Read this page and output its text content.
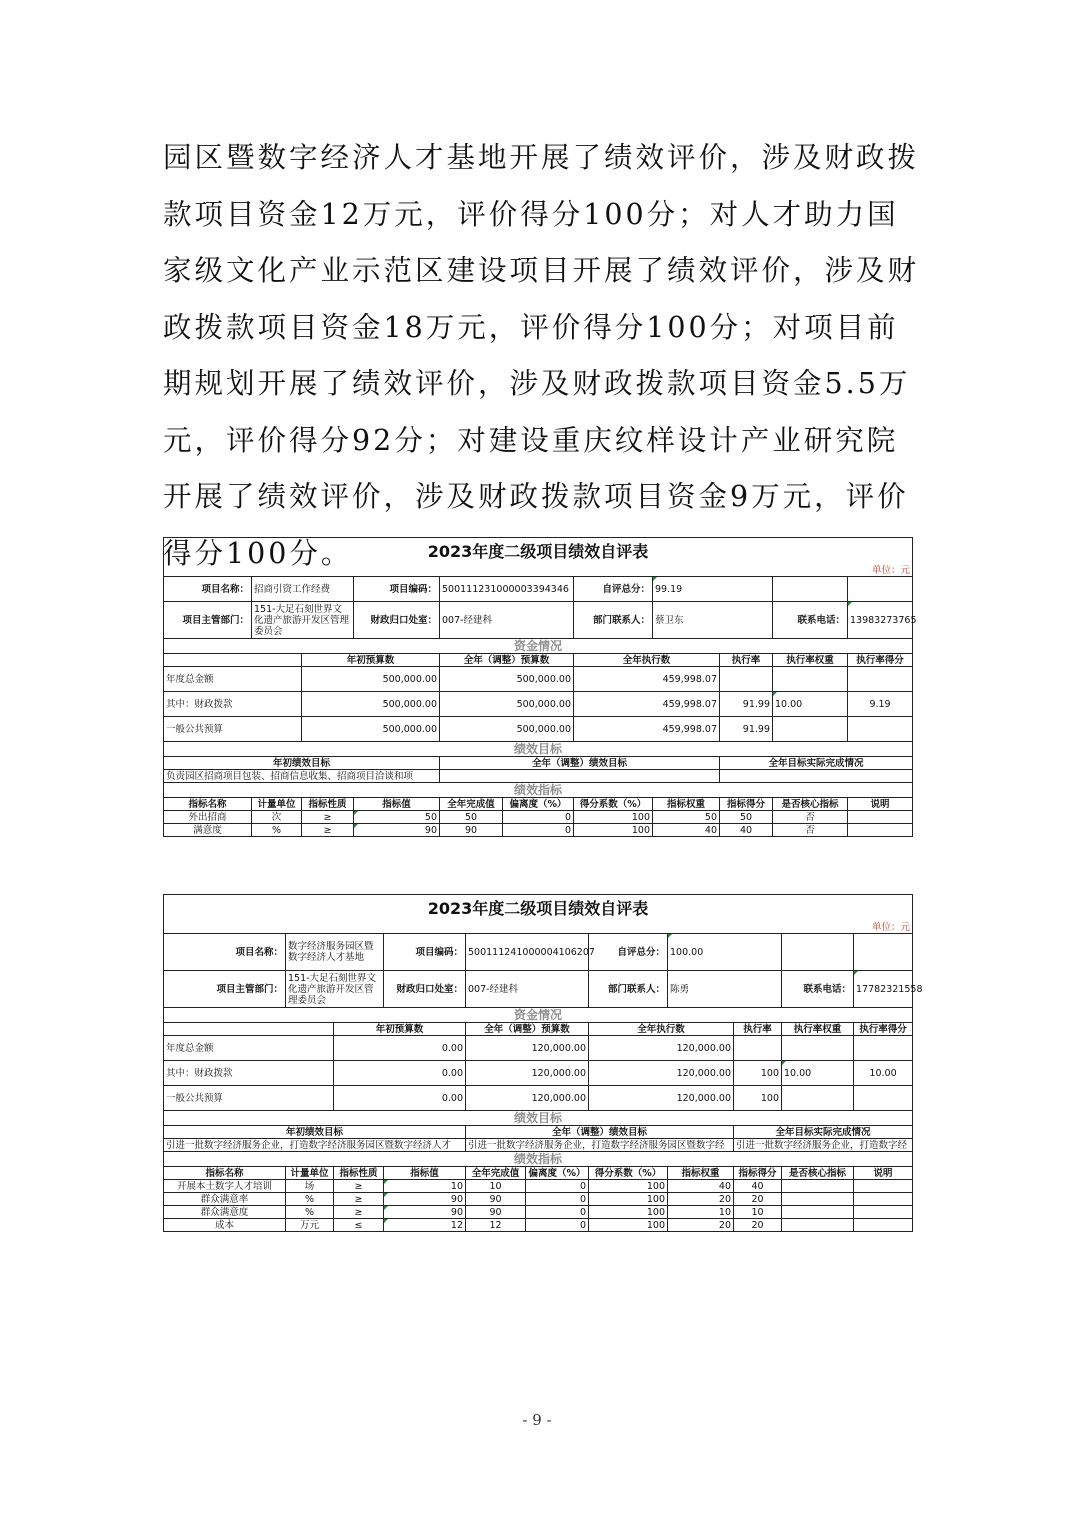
园区暨数字经济人才基地开展了绩效评价，涉及财政拨款项目资金12万元，评价得分100分；对人才助力国家级文化产业示范区建设项目开展了绩效评价，涉及财政拨款项目资金18万元，评价得分100分；对项目前期规划开展了绩效评价，涉及财政拨款项目资金5.5万元，评价得分92分；对建设重庆纹样设计产业研究院开展了绩效评价，涉及财政拨款项目资金9万元，评价得分100分。	2023年度二级项目绩效自评表										
单位：元										
项目名称：	招商引资工作经费		项目编码：	500111231000003394346		自评总分：	99.19			
项目主管部门：	151-大足石刻世界文化遗产旅游开发区管理委员会		财政归口处室：	007-经建科		部门联系人：	蔡卫东		联系电话：	13983273765
资金情况										
		年初预算数		全年（调整）预算数		全年执行数		执行率	执行率权重	执行率得分
年度总金额		500,000.00		500,000.00		459,998.07				
其中：财政拨款		500,000.00		500,000.00		459,998.07		91.99	10.00	9.19
一般公共预算		500,000.00		500,000.00		459,998.07		91.99		
绩效目标										
年初绩效目标				全年（调整）绩效目标				全年目标实际完成情况		
负责园区招商项目包装、招商信息收集、招商项目洽谈和项										
绩效指标										
指标名称	计量单位	指标性质	指标值	全年完成值	偏离度（%）	得分系数（%）	指标权重	指标得分	是否核心指标	说明
外出招商	次	≥	50	50	0	100	50	50	否	
满意度	%	≥	90	90	0	100	40	40	否	
2023年度二级项目绩效自评表										
单位：元										
项目名称：	数字经济服务园区暨数字经济人才基地		项目编码：	500111241000004106207		自评总分：	100.00			
项目主管部门：	151-大足石刻世界文化遗产旅游开发区管理委员会		财政归口处室：	007-经建科		部门联系人：	陈勇		联系电话：	17782321558
资金情况										
		年初预算数		全年（调整）预算数		全年执行数		执行率	执行率权重	执行率得分
年度总金额		0.00		120,000.00		120,000.00				
其中：财政拨款		0.00		120,000.00		120,000.00		100	10.00	10.00
一般公共预算		0.00		120,000.00		120,000.00		100		
绩效目标										
年初绩效目标				全年（调整）绩效目标				全年目标实际完成情况		
引进一批数字经济服务企业，打造数字经济服务园区暨数字经济人才				引进一批数字经济服务企业，打造数字经济服务园区暨数字经				引进一批数字经济服务企业，打造数字经		
绩效指标										
指标名称	计量单位	指标性质	指标值	全年完成值	偏离度（%）	得分系数（%）	指标权重	指标得分	是否核心指标	说明
开展本土数字人才培训	场	≥	10	10	0	100	40	40		
群众满意率	%	≥	90	90	0	100	20	20		
群众满意度	%	≥	90	90	0	100	10	10		
成本	万元	≤	12	12	0	100	20	20		
- 9 -
